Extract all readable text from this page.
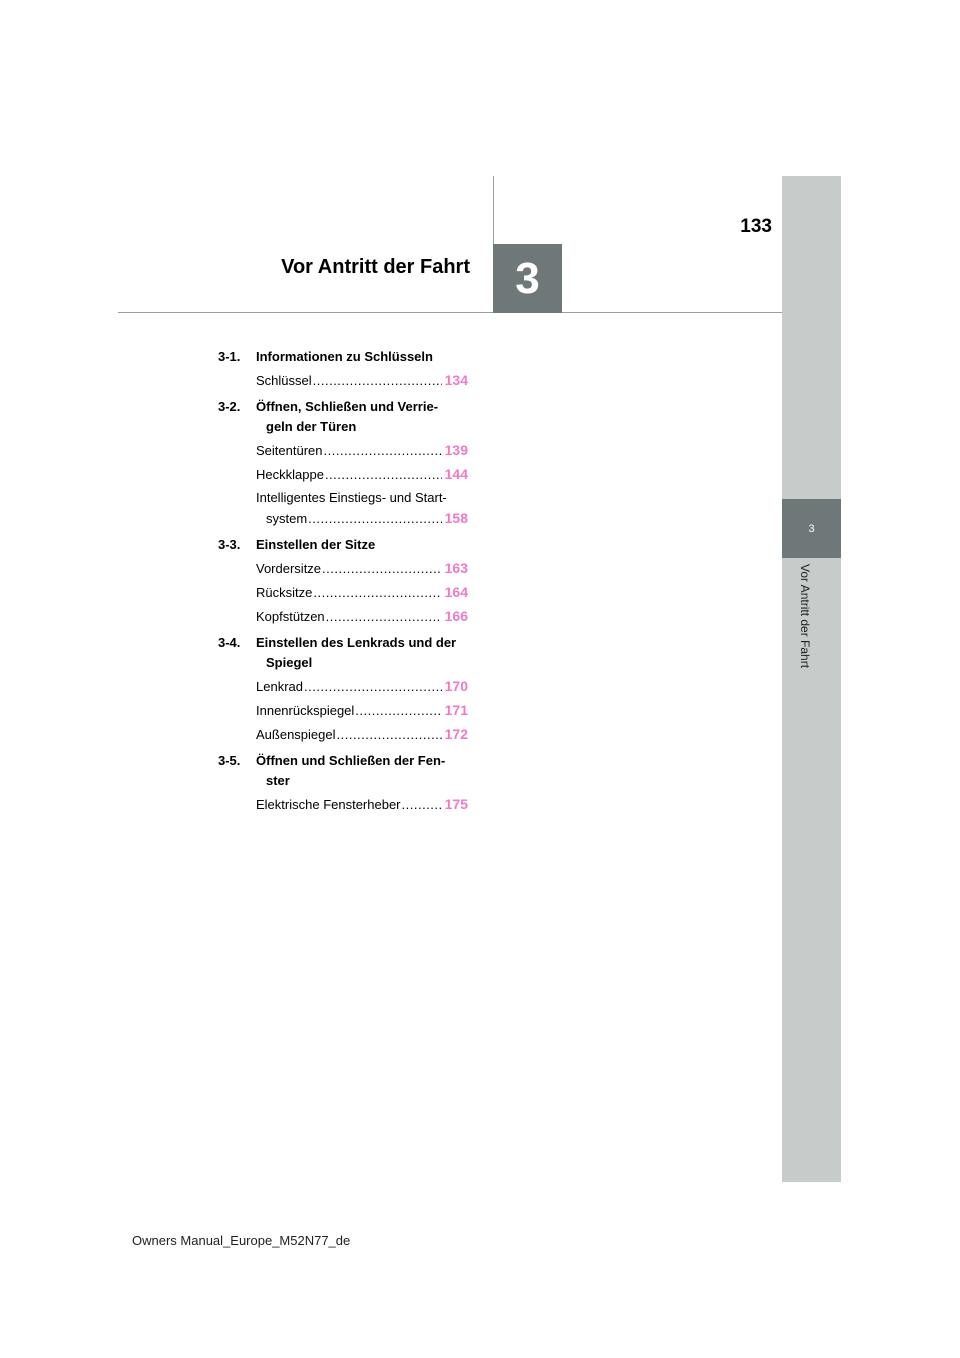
3
Vor Antritt der Fahrt
133
3
Vor Antritt der Fahrt
3-1.	Informationen zu Schlüsseln
Schlüssel .....	134
3-2.	Öffnen, Schließen und Verrie-
geln der Türen
Seitentüren .....	139
Heckklappe .....	144
Intelligentes Einstiegs- und Start-
system .....	158
3-3.	Einstellen der Sitze
Vordersitze .....	163
Rücksitze .....	164
Kopfstützen .....	166
3-4.	Einstellen des Lenkrads und der
Spiegel
Lenkrad .....	170
Innenrückspiegel .....	171
Außenspiegel .....	172
3-5.	Öffnen und Schließen der Fen-
ster
Elektrische Fensterheber .....	175
Owners Manual_Europe_M52N77_de
